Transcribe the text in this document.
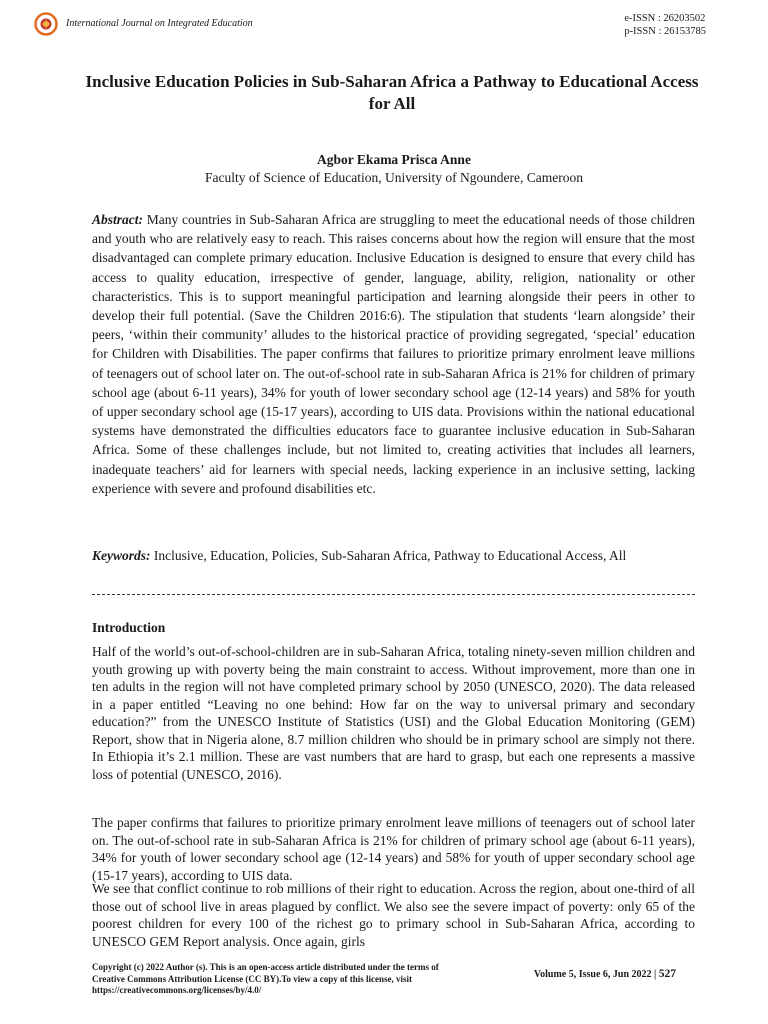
International Journal on Integrated Education	e-ISSN : 26203502
p-ISSN : 26153785
Inclusive Education Policies in Sub-Saharan Africa a Pathway to Educational Access for All
Agbor Ekama Prisca Anne
Faculty of Science of Education, University of Ngoundere, Cameroon

Abstract: Many countries in Sub-Saharan Africa are struggling to meet the educational needs of those children and youth who are relatively easy to reach. This raises concerns about how the region will ensure that the most disadvantaged can complete primary education. Inclusive Education is designed to ensure that every child has access to quality education, irrespective of gender, language, ability, religion, nationality or other characteristics. This is to support meaningful participation and learning alongside their peers in other to develop their full potential. (Save the Children 2016:6). The stipulation that students ‘learn alongside’ their peers, ‘within their community’ alludes to the historical practice of providing segregated, ‘special’ education for Children with Disabilities. The paper confirms that failures to prioritize primary enrolment leave millions of teenagers out of school later on. The out-of-school rate in sub-Saharan Africa is 21% for children of primary school age (about 6-11 years), 34% for youth of lower secondary school age (12-14 years) and 58% for youth of upper secondary school age (15-17 years), according to UIS data. Provisions within the national educational systems have demonstrated the difficulties educators face to guarantee inclusive education in Sub-Saharan Africa. Some of these challenges include, but not limited to, creating activities that includes all learners, inadequate teachers’ aid for learners with special needs, lacking experience in an inclusive setting, lacking experience with severe and profound disabilities etc.

Keywords: Inclusive, Education, Policies, Sub-Saharan Africa, Pathway to Educational Access, All

Introduction

Half of the world’s out-of-school-children are in sub-Saharan Africa, totaling ninety-seven million children and youth growing up with poverty being the main constraint to access. Without improvement, more than one in ten adults in the region will not have completed primary school by 2050 (UNESCO, 2020). The data released in a paper entitled “Leaving no one behind: How far on the way to universal primary and secondary education?” from the UNESCO Institute of Statistics (USI) and the Global Education Monitoring (GEM) Report, show that in Nigeria alone, 8.7 million children who should be in primary school are simply not there. In Ethiopia it’s 2.1 million. These are vast numbers that are hard to grasp, but each one represents a massive loss of potential (UNESCO, 2016).

The paper confirms that failures to prioritize primary enrolment leave millions of teenagers out of school later on. The out-of-school rate in sub-Saharan Africa is 21% for children of primary school age (about 6-11 years), 34% for youth of lower secondary school age (12-14 years) and 58% for youth of upper secondary school age (15-17 years), according to UIS data.

We see that conflict continue to rob millions of their right to education. Across the region, about one-third of all those out of school live in areas plagued by conflict. We also see the severe impact of poverty: only 65 of the poorest children for every 100 of the richest go to primary school in Sub-Saharan Africa, according to UNESCO GEM Report analysis. Once again, girls

Copyright (c) 2022 Author (s). This is an open-access article distributed under the terms of Creative Commons Attribution License (CC BY).To view a copy of this license, visit https://creativecommons.org/licenses/by/4.0/
Volume 5, Issue 6, Jun 2022 | 527
